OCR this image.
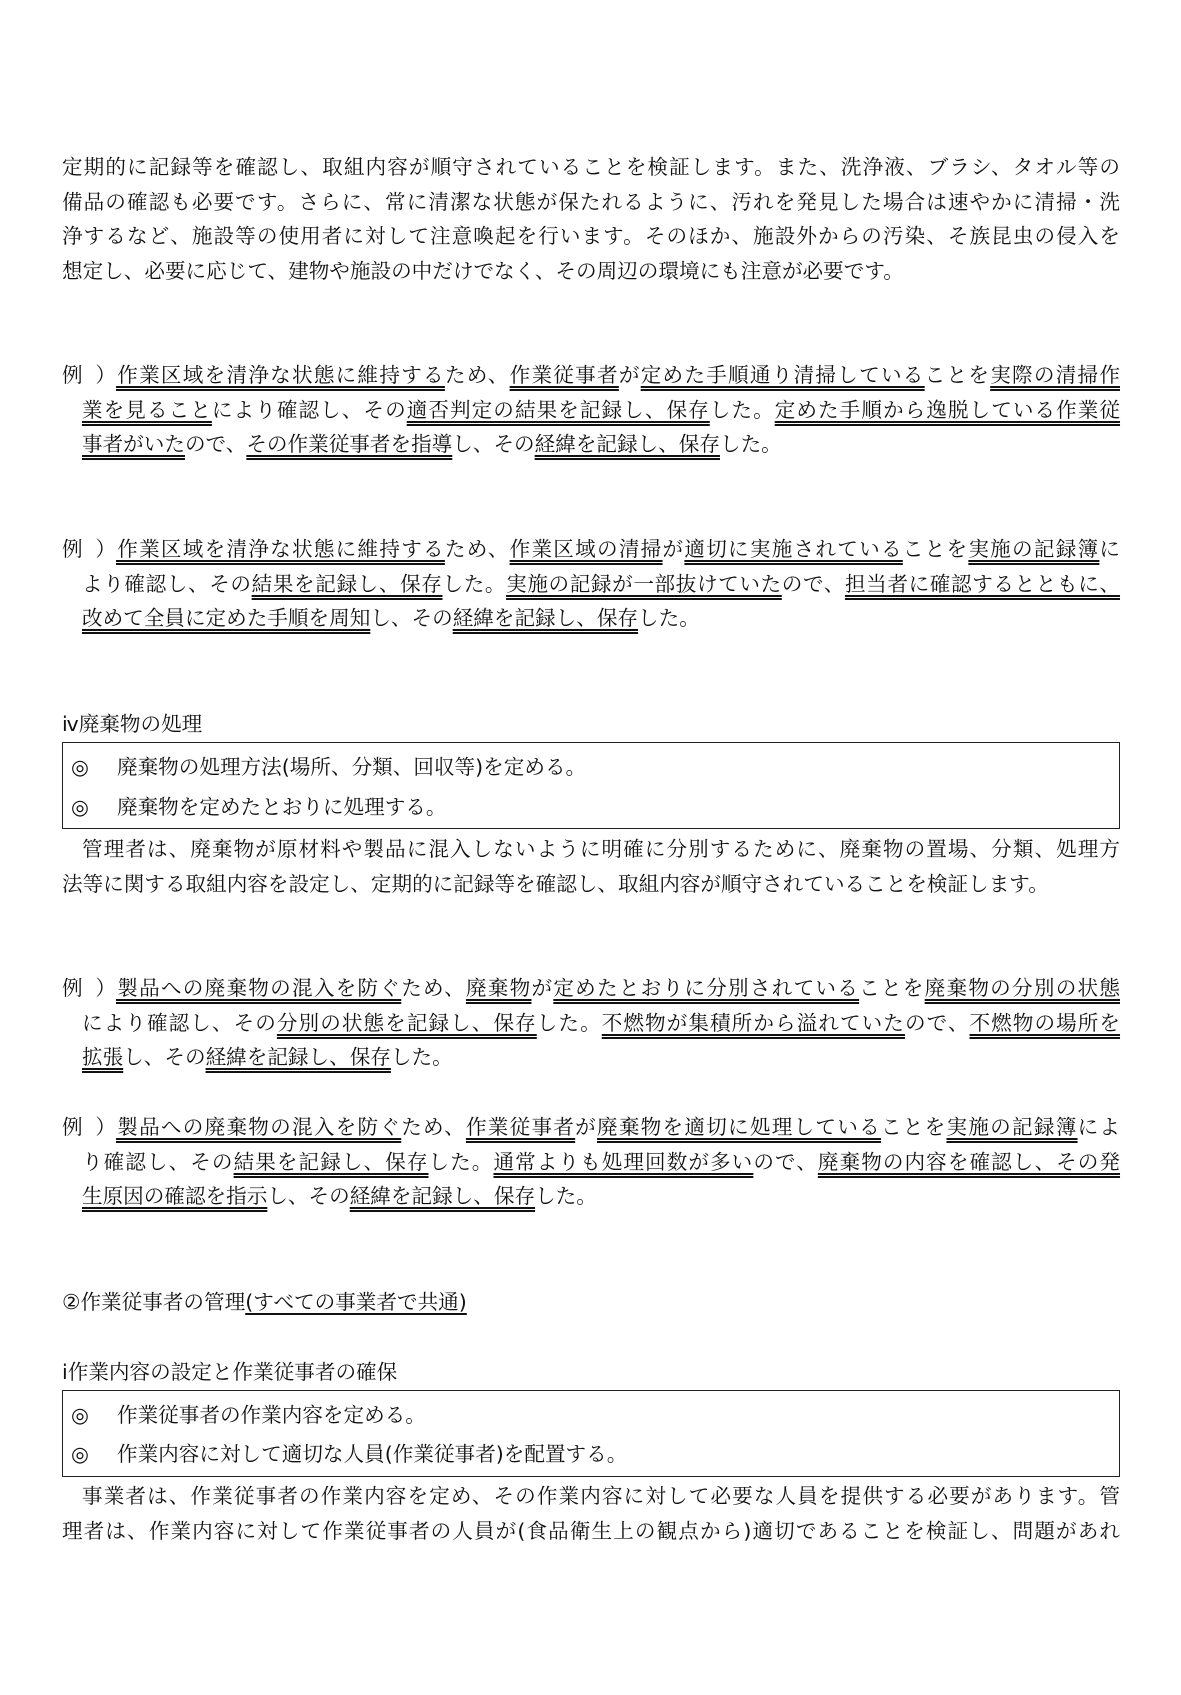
定期的に記録等を確認し、取組内容が順守されていることを検証します。また、洗浄液、ブラシ、タオル等の
備品の確認も必要です。さらに、常に清潔な状態が保たれるように、汚れを発見した場合は速やかに清掃・洗
浄するなど、施設等の使用者に対して注意喚起を行います。そのほか、施設外からの汚染、そ族昆虫の侵入を
想定し、必要に応じて、建物や施設の中だけでなく、その周辺の環境にも注意が必要です。
例）作業区域を清浄な状態に維持するため、作業従事者が定めた手順通り清掃していることを実際の清掃作
業を見ることにより確認し、その適否判定の結果を記録し、保存した。定めた手順から逸脱している作業従
事者がいたので、その作業従事者を指導し、その経緯を記録し、保存した。
例）作業区域を清浄な状態に維持するため、作業区域の清掃が適切に実施されていることを実施の記録簿に
より確認し、その結果を記録し、保存した。実施の記録が一部抜けていたので、担当者に確認するとともに、
改めて全員に定めた手順を周知し、その経緯を記録し、保存した。
ⅳ廃棄物の処理
◎ 廃棄物の処理方法(場所、分類、回収等)を定める。
◎ 廃棄物を定めたとおりに処理する。
管理者は、廃棄物が原材料や製品に混入しないように明確に分別するために、廃棄物の置場、分類、処理方
法等に関する取組内容を設定し、定期的に記録等を確認し、取組内容が順守されていることを検証します。
例）製品への廃棄物の混入を防ぐため、廃棄物が定めたとおりに分別されていることを廃棄物の分別の状態
により確認し、その分別の状態を記録し、保存した。不燃物が集積所から溢れていたので、不燃物の場所を
拡張し、その経緯を記録し、保存した。
例）製品への廃棄物の混入を防ぐため、作業従事者が廃棄物を適切に処理していることを実施の記録簿によ
り確認し、その結果を記録し、保存した。通常よりも処理回数が多いので、廃棄物の内容を確認し、その発
生原因の確認を指示し、その経緯を記録し、保存した。
②作業従事者の管理(すべての事業者で共通)
ⅰ作業内容の設定と作業従事者の確保
◎ 作業従事者の作業内容を定める。
◎ 作業内容に対して適切な人員(作業従事者)を配置する。
事業者は、作業従事者の作業内容を定め、その作業内容に対して必要な人員を提供する必要があります。管
理者は、作業内容に対して作業従事者の人員が(食品衛生上の観点から)適切であることを検証し、問題があれ
